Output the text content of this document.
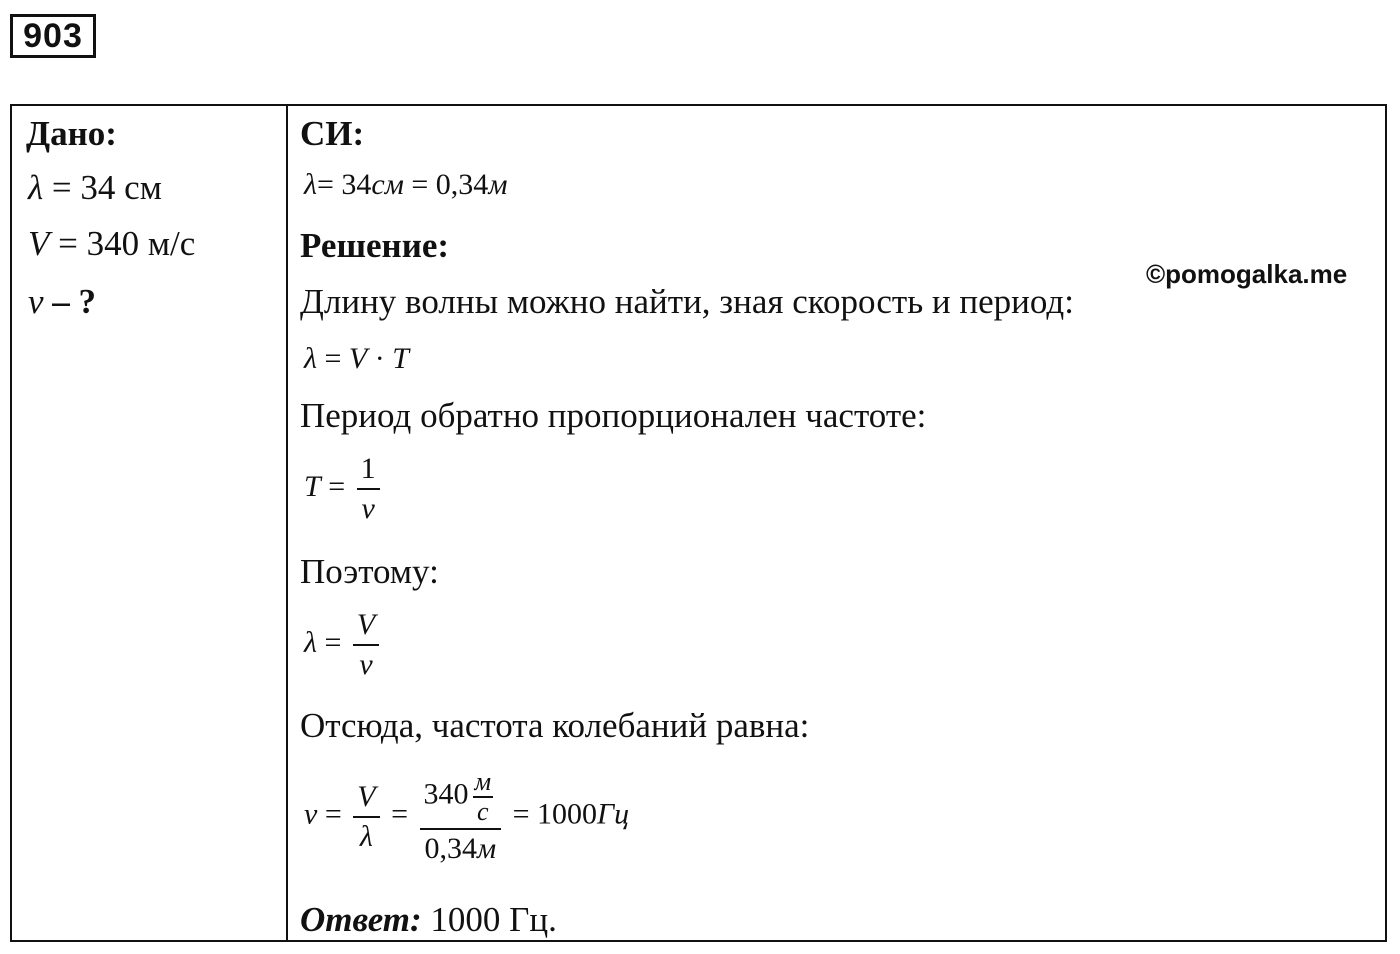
903
Дано:
λ = 34 см
V = 340 м/с
ν – ?
СИ:
λ= 34см = 0,34м
Решение:
Длину волны можно найти, зная скорость и период:
λ = V · T
Период обратно пропорционален частоте:
$T = \frac{1}{\nu}$
Поэтому:
$\lambda = \frac{V}{\nu}$
Отсюда, частота колебаний равна:
$\nu = \frac{V}{\lambda} = \frac{340 \frac{м}{с}}{0,34м} = 1000Гц$
Ответ: 1000 Гц.
©pomogalka.me
